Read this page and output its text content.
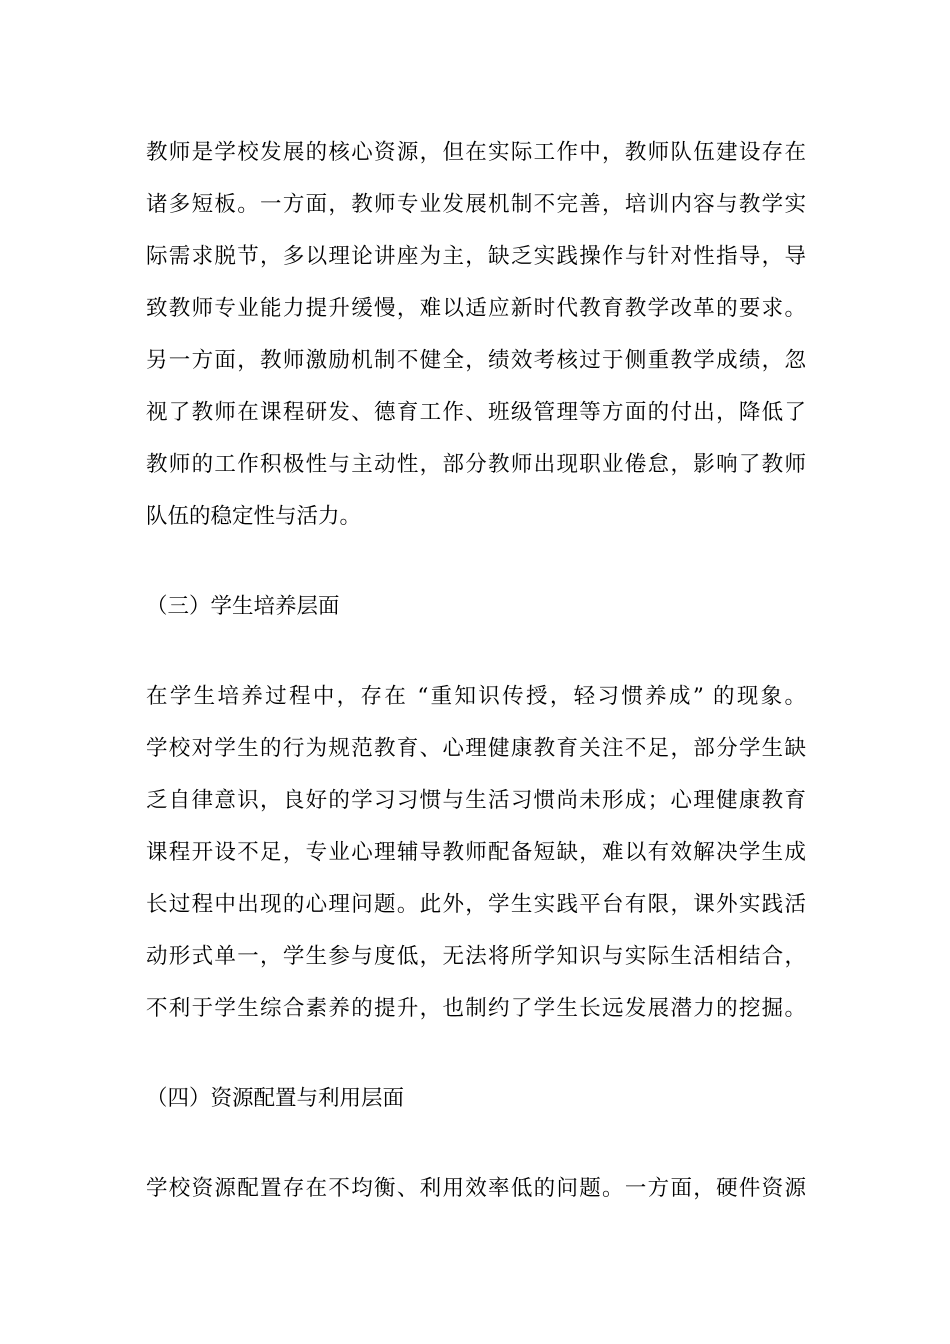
教师是学校发展的核心资源，但在实际工作中，教师队伍建设存在
诸多短板。一方面，教师专业发展机制不完善，培训内容与教学实
际需求脱节，多以理论讲座为主，缺乏实践操作与针对性指导，导
致教师专业能力提升缓慢，难以适应新时代教育教学改革的要求。
另一方面，教师激励机制不健全，绩效考核过于侧重教学成绩，忽
视了教师在课程研发、德育工作、班级管理等方面的付出，降低了
教师的工作积极性与主动性，部分教师出现职业倦怠，影响了教师
队伍的稳定性与活力。
（三）学生培养层面
在学生培养过程中，存在 “重知识传授，轻习惯养成” 的现象。
学校对学生的行为规范教育、心理健康教育关注不足，部分学生缺
乏自律意识，良好的学习习惯与生活习惯尚未形成；心理健康教育
课程开设不足，专业心理辅导教师配备短缺，难以有效解决学生成
长过程中出现的心理问题。此外，学生实践平台有限，课外实践活
动形式单一，学生参与度低，无法将所学知识与实际生活相结合，
不利于学生综合素养的提升，也制约了学生长远发展潜力的挖掘。
（四）资源配置与利用层面
学校资源配置存在不均衡、利用效率低的问题。一方面，硬件资源
